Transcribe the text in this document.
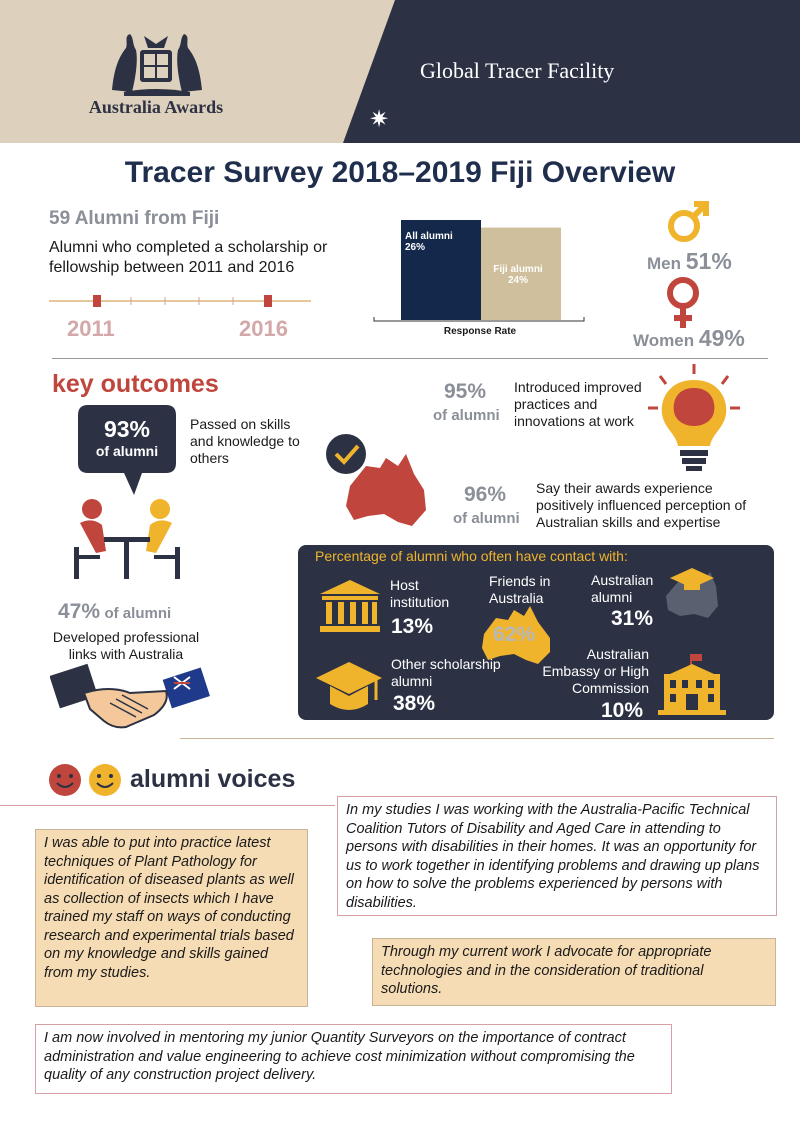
Australia Awards
Global Tracer Facility
✷
Tracer Survey 2018–2019 Fiji Overview
59 Alumni from Fiji
Alumni who completed a scholarship or fellowship between 2011 and 2016
2011	2016
All alumni
26%
Fiji alumni
24%
Response Rate
Men 51%
Women 49%
key outcomes
93%
of alumni
Passed on skills and knowledge to others
47% of alumni
Developed professional links with Australia
95%
of alumni
Introduced improved practices and innovations at work
96%
of alumni
Say their awards experience positively influenced perception of Australian skills and expertise
Percentage of alumni who often have contact with:
Host institution
13%
Friends in Australia
62%
Australian alumni
31%
Other scholarship alumni
38%
Australian Embassy or High Commission
10%
alumni voices
I was able to put into practice latest techniques of Plant Pathology for identification of diseased plants as well as collection of insects which I have trained my staff on ways of conducting research and experimental trials based on my knowledge and skills gained from my studies.
In my studies I was working with the Australia-Pacific Technical Coalition Tutors of Disability and Aged Care in attending to persons with disabilities in their homes. It was an opportunity for us to work together in identifying problems and drawing up plans on how to solve the problems experienced by persons with disabilities.
Through my current work I advocate for appropriate technologies and in the consideration of traditional solutions.
I am now involved in mentoring my junior Quantity Surveyors on the importance of contract administration and value engineering to achieve cost minimization without compromising the quality of any construction project delivery.
